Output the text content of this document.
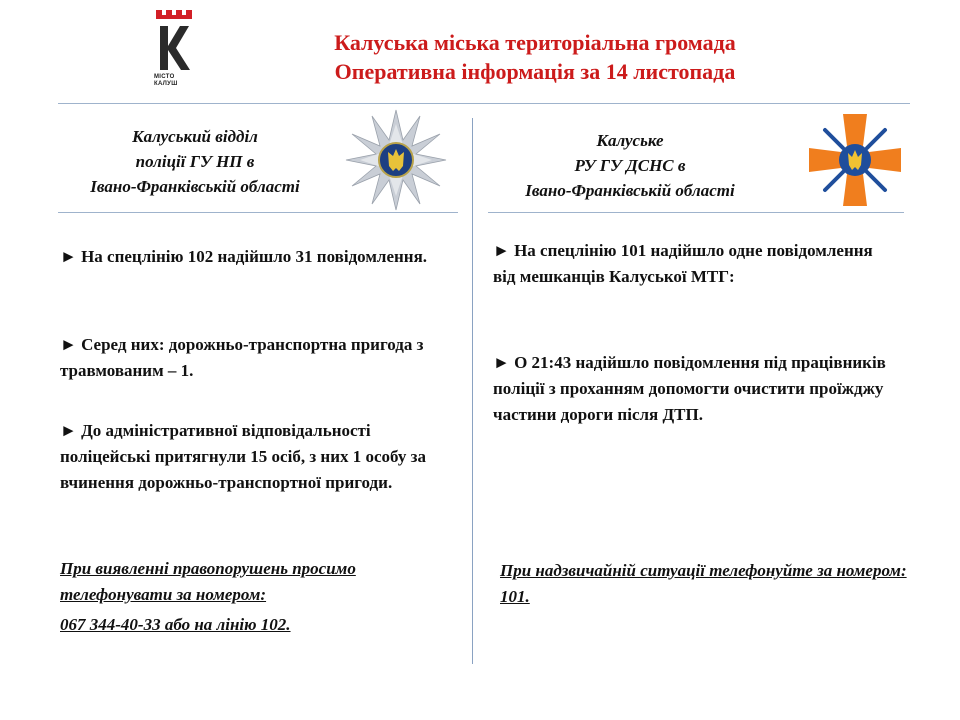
МІСТО
КАЛУШ
Калуська міська територіальна громада
Оперативна інформація за 14 листопада
Калуський відділ
поліції ГУ НП в
Івано-Франківській області
Калуське
РУ ГУ ДСНС в
Івано-Франківській області
► На спецлінію 102 надійшло 31 повідомлення.
► Серед них: дорожньо-транспортна пригода з травмованим – 1.
► До адміністративної відповідальності поліцейські притягнули 15 осіб, з них 1 особу за вчинення дорожньо-транспортної пригоди.
При виявленні правопорушень просимо телефонувати за номером:
067 344-40-33 або на лінію 102.
► На спецлінію 101 надійшло одне повідомлення від мешканців Калуської МТГ:
► О 21:43 надійшло повідомлення під працівників поліції з проханням допомогти очистити проїжджу частини дороги після ДТП.
При надзвичайній ситуації телефонуйте за номером: 101.
